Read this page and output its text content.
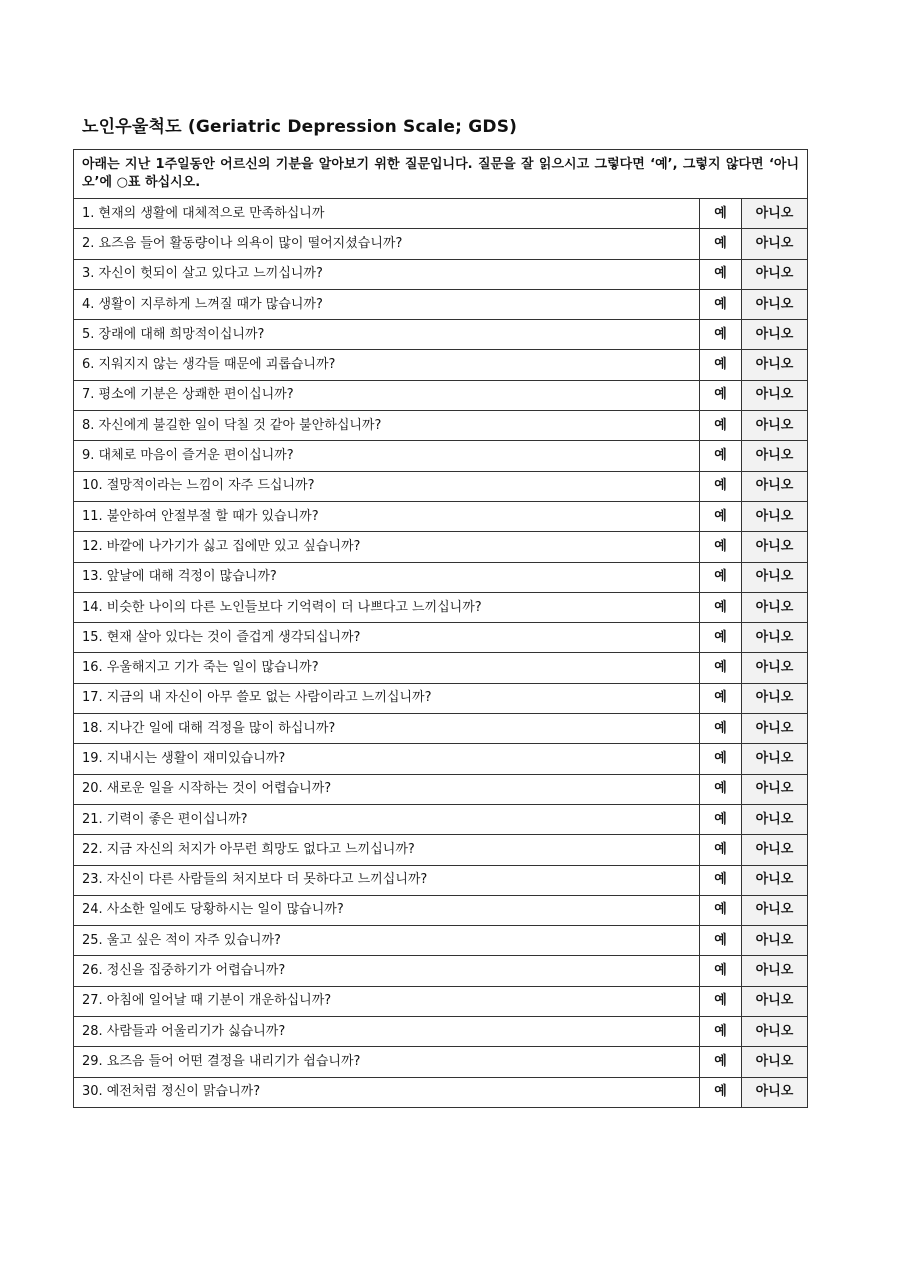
노인우울척도 (Geriatric Depression Scale; GDS)
아래는 지난 1주일동안 어르신의 기분을 알아보기 위한 질문입니다. 질문을 잘 읽으시고 그렇다면 ‘예’, 그렇지 않다면 ‘아니오’에 ○표 하십시오.		
1. 현재의 생활에 대체적으로 만족하십니까	예	아니오
2. 요즈음 들어 활동량이나 의욕이 많이 떨어지셨습니까?	예	아니오
3. 자신이 헛되이 살고 있다고 느끼십니까?	예	아니오
4. 생활이 지루하게 느껴질 때가 많습니까?	예	아니오
5. 장래에 대해 희망적이십니까?	예	아니오
6. 지워지지 않는 생각들 때문에 괴롭습니까?	예	아니오
7. 평소에 기분은 상쾌한 편이십니까?	예	아니오
8. 자신에게 불길한 일이 닥칠 것 같아 불안하십니까?	예	아니오
9. 대체로 마음이 즐거운 편이십니까?	예	아니오
10. 절망적이라는 느낌이 자주 드십니까?	예	아니오
11. 불안하여 안절부절 할 때가 있습니까?	예	아니오
12. 바깥에 나가기가 싫고 집에만 있고 싶습니까?	예	아니오
13. 앞날에 대해 걱정이 많습니까?	예	아니오
14. 비슷한 나이의 다른 노인들보다 기억력이 더 나쁘다고 느끼십니까?	예	아니오
15. 현재 살아 있다는 것이 즐겁게 생각되십니까?	예	아니오
16. 우울해지고 기가 죽는 일이 많습니까?	예	아니오
17. 지금의 내 자신이 아무 쓸모 없는 사람이라고 느끼십니까?	예	아니오
18. 지나간 일에 대해 걱정을 많이 하십니까?	예	아니오
19. 지내시는 생활이 재미있습니까?	예	아니오
20. 새로운 일을 시작하는 것이 어렵습니까?	예	아니오
21. 기력이 좋은 편이십니까?	예	아니오
22. 지금 자신의 처지가 아무런 희망도 없다고 느끼십니까?	예	아니오
23. 자신이 다른 사람들의 처지보다 더 못하다고 느끼십니까?	예	아니오
24. 사소한 일에도 당황하시는 일이 많습니까?	예	아니오
25. 울고 싶은 적이 자주 있습니까?	예	아니오
26. 정신을 집중하기가 어렵습니까?	예	아니오
27. 아침에 일어날 때 기분이 개운하십니까?	예	아니오
28. 사람들과 어울리기가 싫습니까?	예	아니오
29. 요즈음 들어 어떤 결정을 내리기가 쉽습니까?	예	아니오
30. 예전처럼 정신이 맑습니까?	예	아니오
